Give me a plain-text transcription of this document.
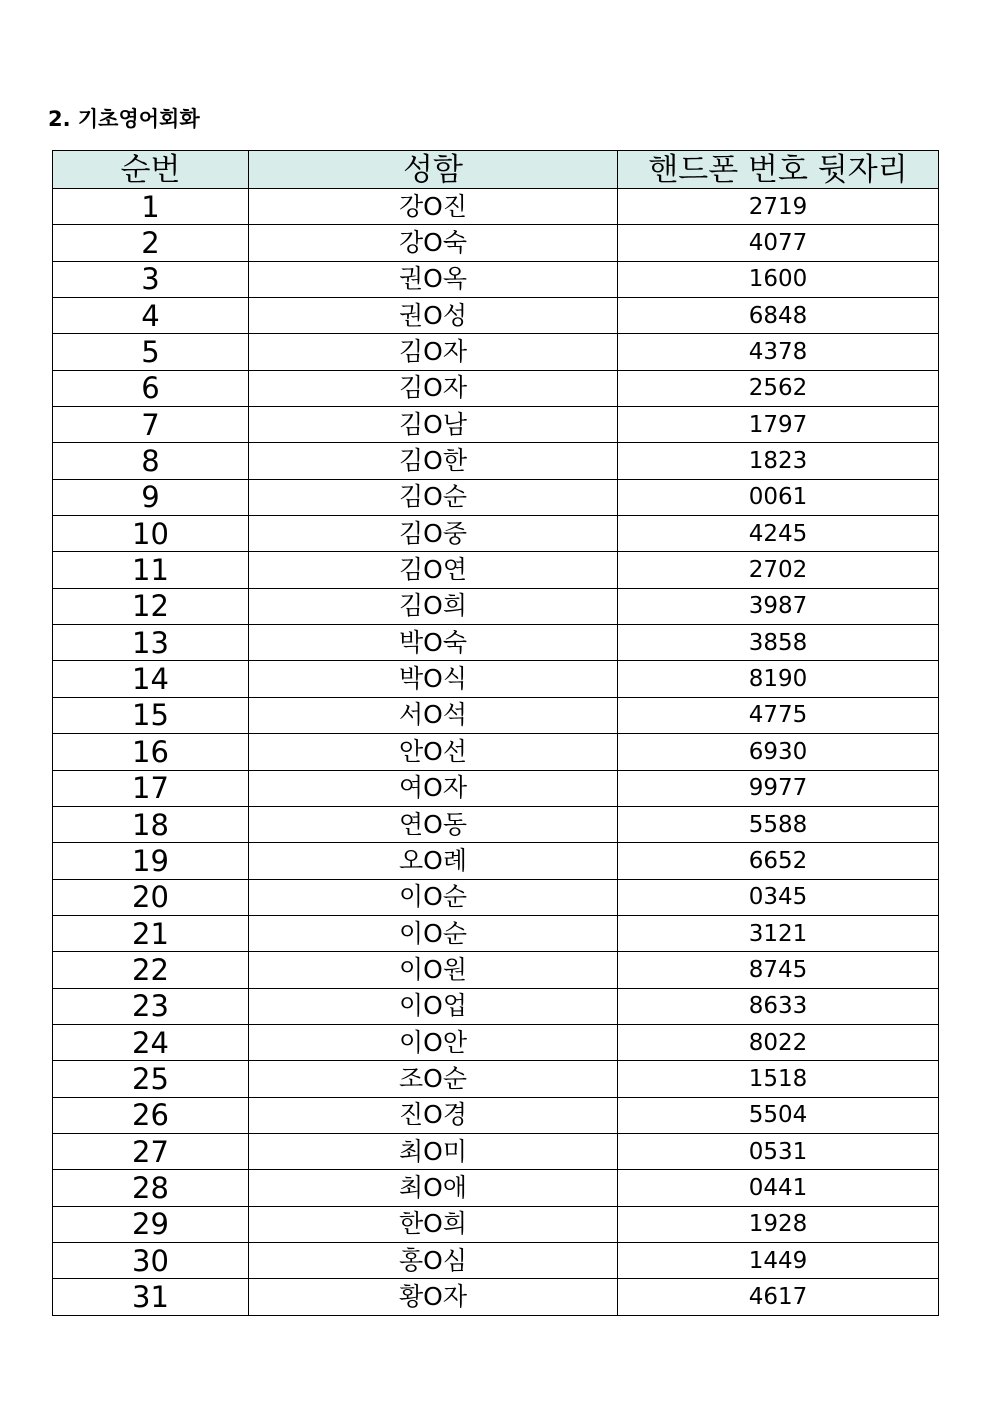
2. 기초영어회화
순번	성함	핸드폰 번호 뒷자리
1	강O진	2719
2	강O숙	4077
3	권O옥	1600
4	권O성	6848
5	김O자	4378
6	김O자	2562
7	김O남	1797
8	김O한	1823
9	김O순	0061
10	김O중	4245
11	김O연	2702
12	김O희	3987
13	박O숙	3858
14	박O식	8190
15	서O석	4775
16	안O선	6930
17	여O자	9977
18	연O동	5588
19	오O례	6652
20	이O순	0345
21	이O순	3121
22	이O원	8745
23	이O업	8633
24	이O안	8022
25	조O순	1518
26	진O경	5504
27	최O미	0531
28	최O애	0441
29	한O희	1928
30	홍O심	1449
31	황O자	4617
